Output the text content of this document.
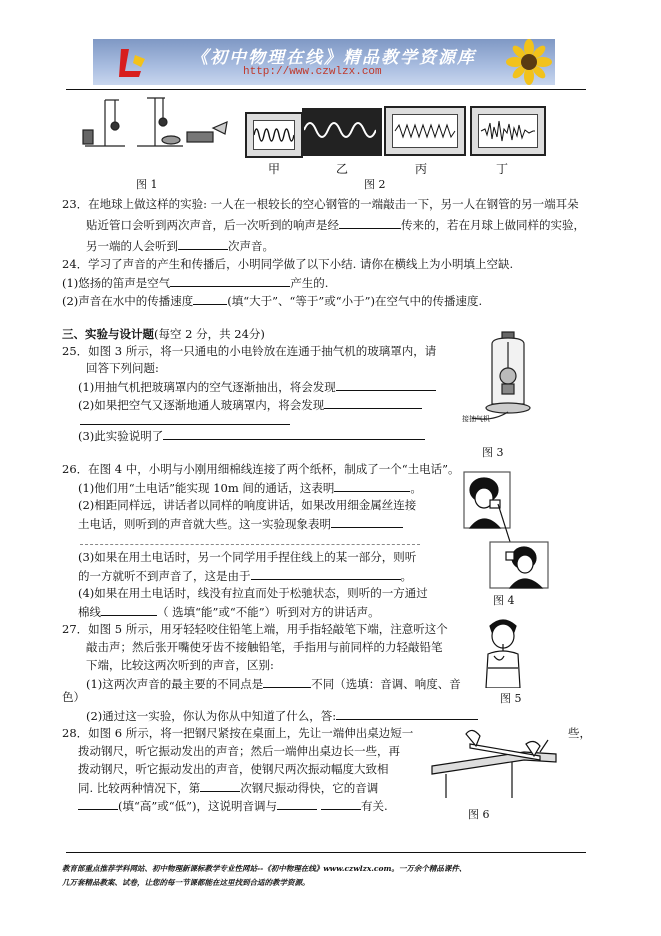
《初中物理在线》精品教学资源库
http://www.czwlzx.com
图 1
甲	乙	丙	丁
图 2
23．在地球上做这样的实验: 一人在一根较长的空心钢管的一端敲击一下，另一人在钢管的另一端耳朵
贴近管口会听到两次声音，后一次听到的响声是经	传来的，若在月球上做同样的实验，
另一端的人会听到	次声音。
24．学习了声音的产生和传播后，小明同学做了以下小结. 请你在横线上为小明填上空缺.
(1)悠扬的笛声是空气	产生的.
(2)声音在水中的传播速度	(填“大于”、“等于”或“小于”)在空气中的传播速度.
三、实验与设计题(每空 2 分，共 24分)
25．如图 3 所示，将一只通电的小电铃放在连通于抽气机的玻璃罩内，请
回答下列问题:
(1)用抽气机把玻璃罩内的空气逐渐抽出，将会发现
(2)如果把空气又逐渐地通人玻璃罩内，将会发现
(3)此实验说明了
接抽气机
图 3
26．在图 4 中，小明与小刚用细棉线连接了两个纸杯，制成了一个“土电话”。
(1)他们用“土电话”能实现 10m 间的通话，这表明	。
(2)相距同样远，讲话者以同样的响度讲话，如果改用细金属丝连接
土电话，则听到的声音就大些。这一实验现象表明
(3)如果在用土电话时，另一个同学用手捏住线上的某一部分，则听
的一方就听不到声音了，这是由于	。
(4)如果在用土电话时，线没有拉直而处于松驰状态，则听的一方通过
棉线	（ 选填“能”或“不能”）听到对方的讲话声。
图 4
27．如图 5 所示，用牙轻轻咬住铅笔上端，用手指轻敲笔下端，注意听这个
敲击声；然后张开嘴使牙齿不接触铅笔，手指用与前同样的力轻敲铅笔
下端，比较这两次听到的声音，区别:
(1)这两次声音的最主要的不同点是	不同（选填：音调、响度、音
色）
(2)通过这一实验，你认为你从中知道了什么，答:
图 5
28．如图 6 所示，将一把钢尺紧按在桌面上，先让一端伸出桌边短一	些，
拨动钢尺，听它振动发出的声音；然后一端伸出桌边长一些，再
拨动钢尺，听它振动发出的声音，使钢尺两次振动幅度大致相
同. 比较两种情况下，第	次钢尺振动得快，它的音调
(填“高”或“低”)，这说明音调与	有关.
图 6
教育部重点推荐学科网站、初中物理新课标教学专业性网站--《初中物理在线》www.czwlzx.com。一万余个精品课件、
几万套精品教案、试卷，让您的每一节课都能在这里找到合适的教学资源。
